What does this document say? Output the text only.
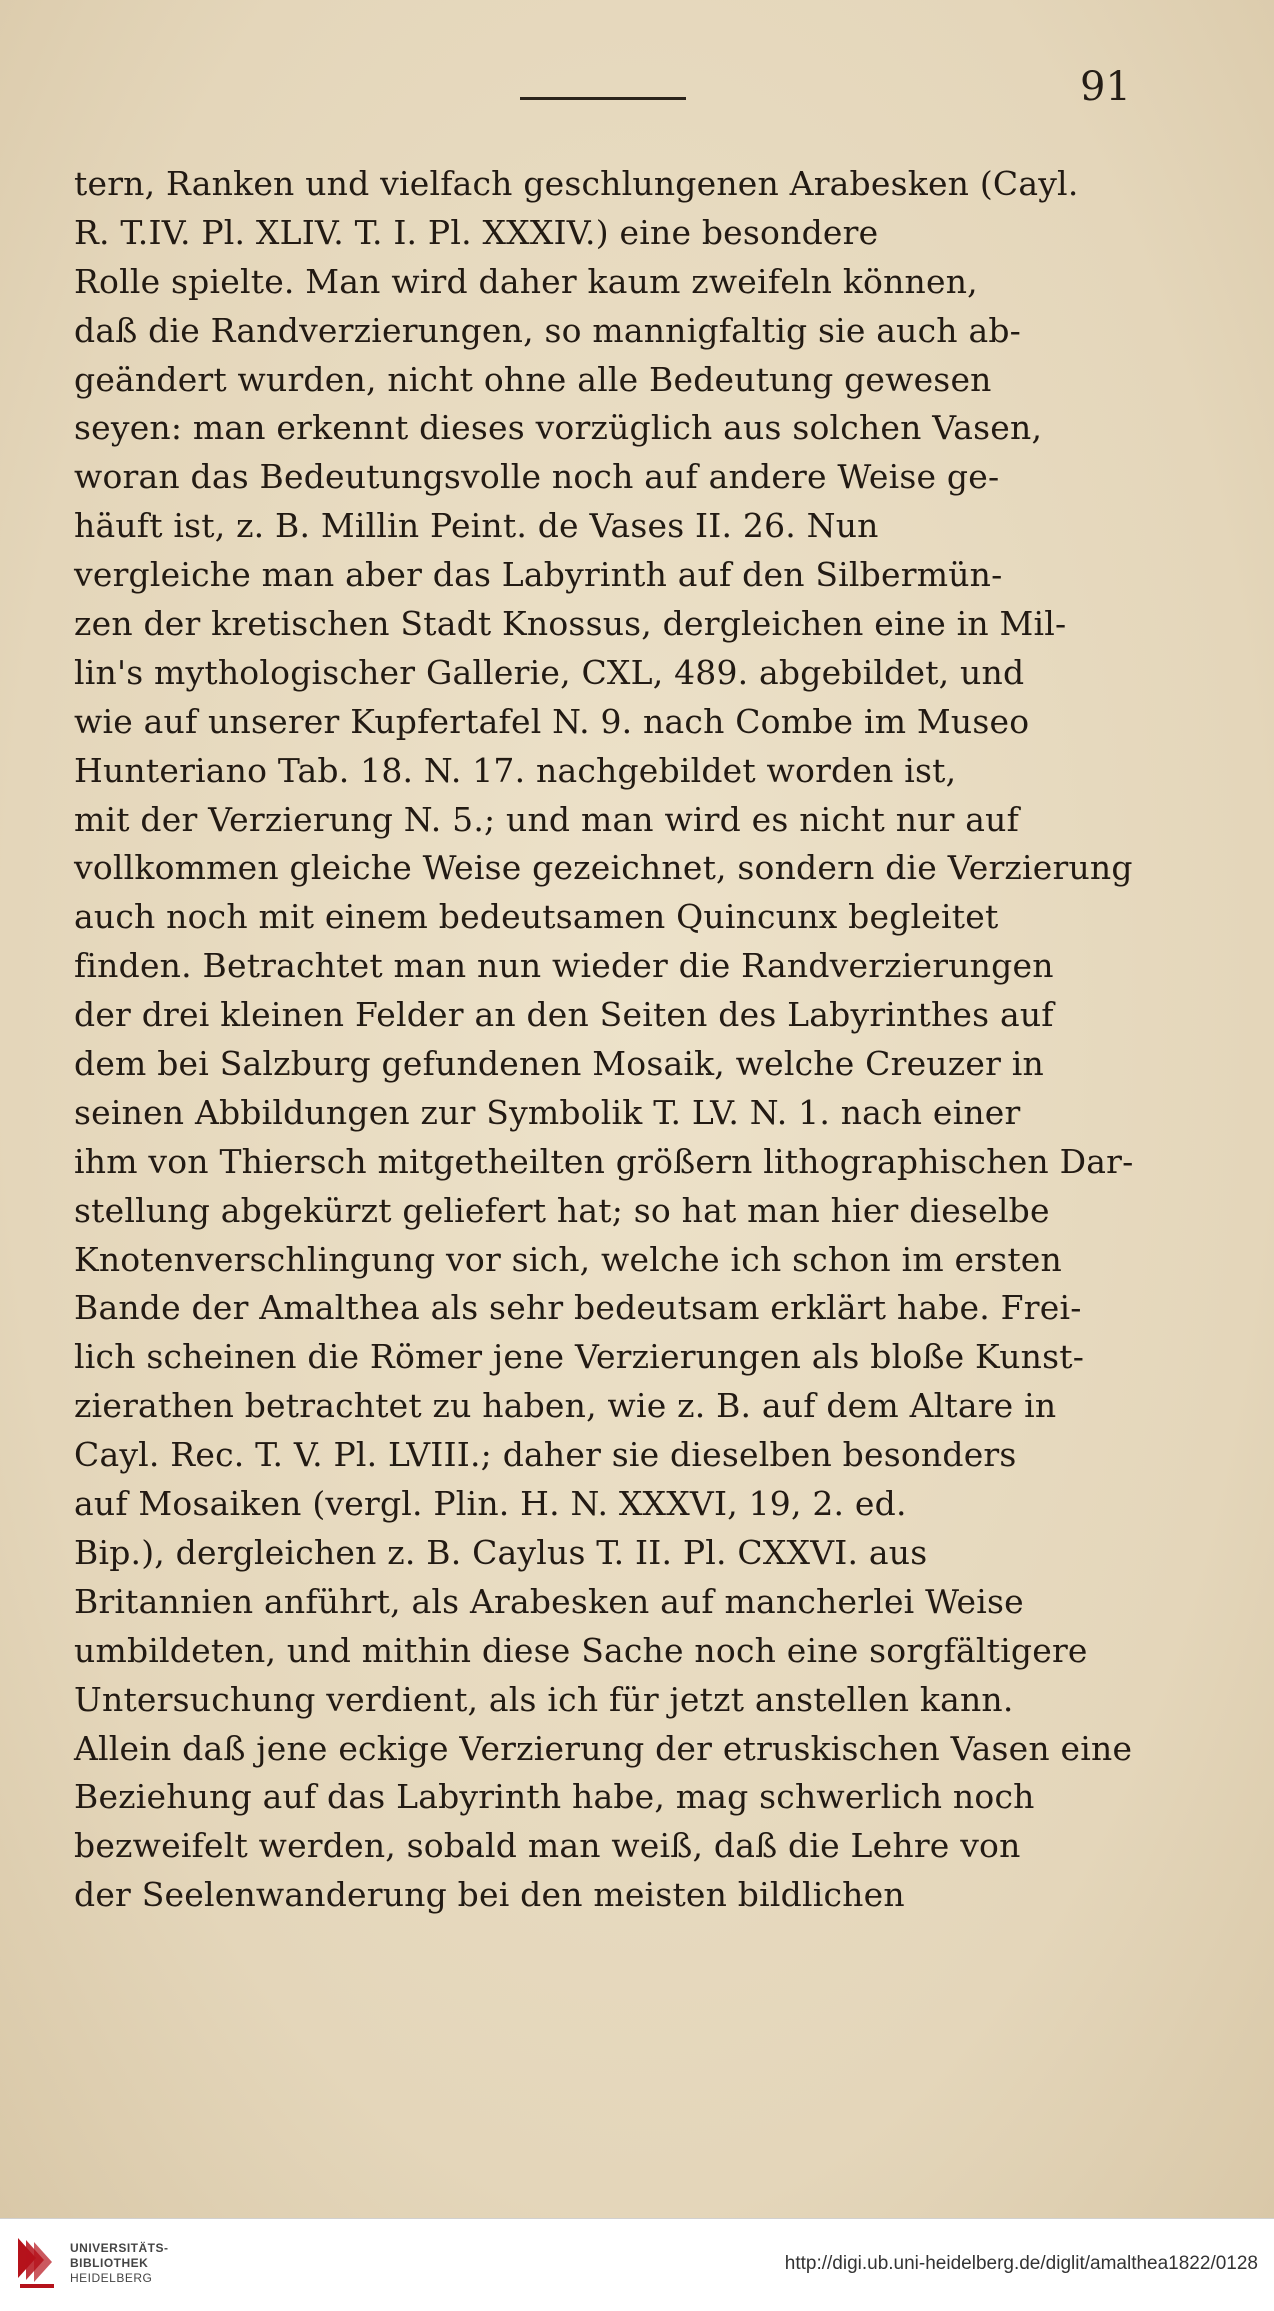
91
tern, Ranken und vielfach geschlungenen Arabesken (Cayl.
R. T.IV. Pl. XLIV. T. I. Pl. XXXIV.) eine besondere
Rolle spielte. Man wird daher kaum zweifeln können,
daß die Randverzierungen, so mannigfaltig sie auch ab-
geändert wurden, nicht ohne alle Bedeutung gewesen
seyen: man erkennt dieses vorzüglich aus solchen Vasen,
woran das Bedeutungsvolle noch auf andere Weise ge-
häuft ist, z. B. Millin Peint. de Vases II. 26. Nun
vergleiche man aber das Labyrinth auf den Silbermün-
zen der kretischen Stadt Knossus, dergleichen eine in Mil-
lin's mythologischer Gallerie, CXL, 489. abgebildet, und
wie auf unserer Kupfertafel N. 9. nach Combe im Museo
Hunteriano Tab. 18. N. 17. nachgebildet worden ist,
mit der Verzierung N. 5.; und man wird es nicht nur auf
vollkommen gleiche Weise gezeichnet, sondern die Verzierung
auch noch mit einem bedeutsamen Quincunx begleitet
finden. Betrachtet man nun wieder die Randverzierungen
der drei kleinen Felder an den Seiten des Labyrinthes auf
dem bei Salzburg gefundenen Mosaik, welche Creuzer in
seinen Abbildungen zur Symbolik T. LV. N. 1. nach einer
ihm von Thiersch mitgetheilten größern lithographischen Dar-
stellung abgekürzt geliefert hat; so hat man hier dieselbe
Knotenverschlingung vor sich, welche ich schon im ersten
Bande der Amalthea als sehr bedeutsam erklärt habe. Frei-
lich scheinen die Römer jene Verzierungen als bloße Kunst-
zierathen betrachtet zu haben, wie z. B. auf dem Altare in
Cayl. Rec. T. V. Pl. LVIII.; daher sie dieselben besonders
auf Mosaiken (vergl. Plin. H. N. XXXVI, 19, 2. ed.
Bip.), dergleichen z. B. Caylus T. II. Pl. CXXVI. aus
Britannien anführt, als Arabesken auf mancherlei Weise
umbildeten, und mithin diese Sache noch eine sorgfältigere
Untersuchung verdient, als ich für jetzt anstellen kann.
Allein daß jene eckige Verzierung der etruskischen Vasen eine
Beziehung auf das Labyrinth habe, mag schwerlich noch
bezweifelt werden, sobald man weiß, daß die Lehre von
der Seelenwanderung bei den meisten bildlichen
UNIVERSITÄTS-
BIBLIOTHEK
HEIDELBERG
http://digi.ub.uni-heidelberg.de/diglit/amalthea1822/0128
